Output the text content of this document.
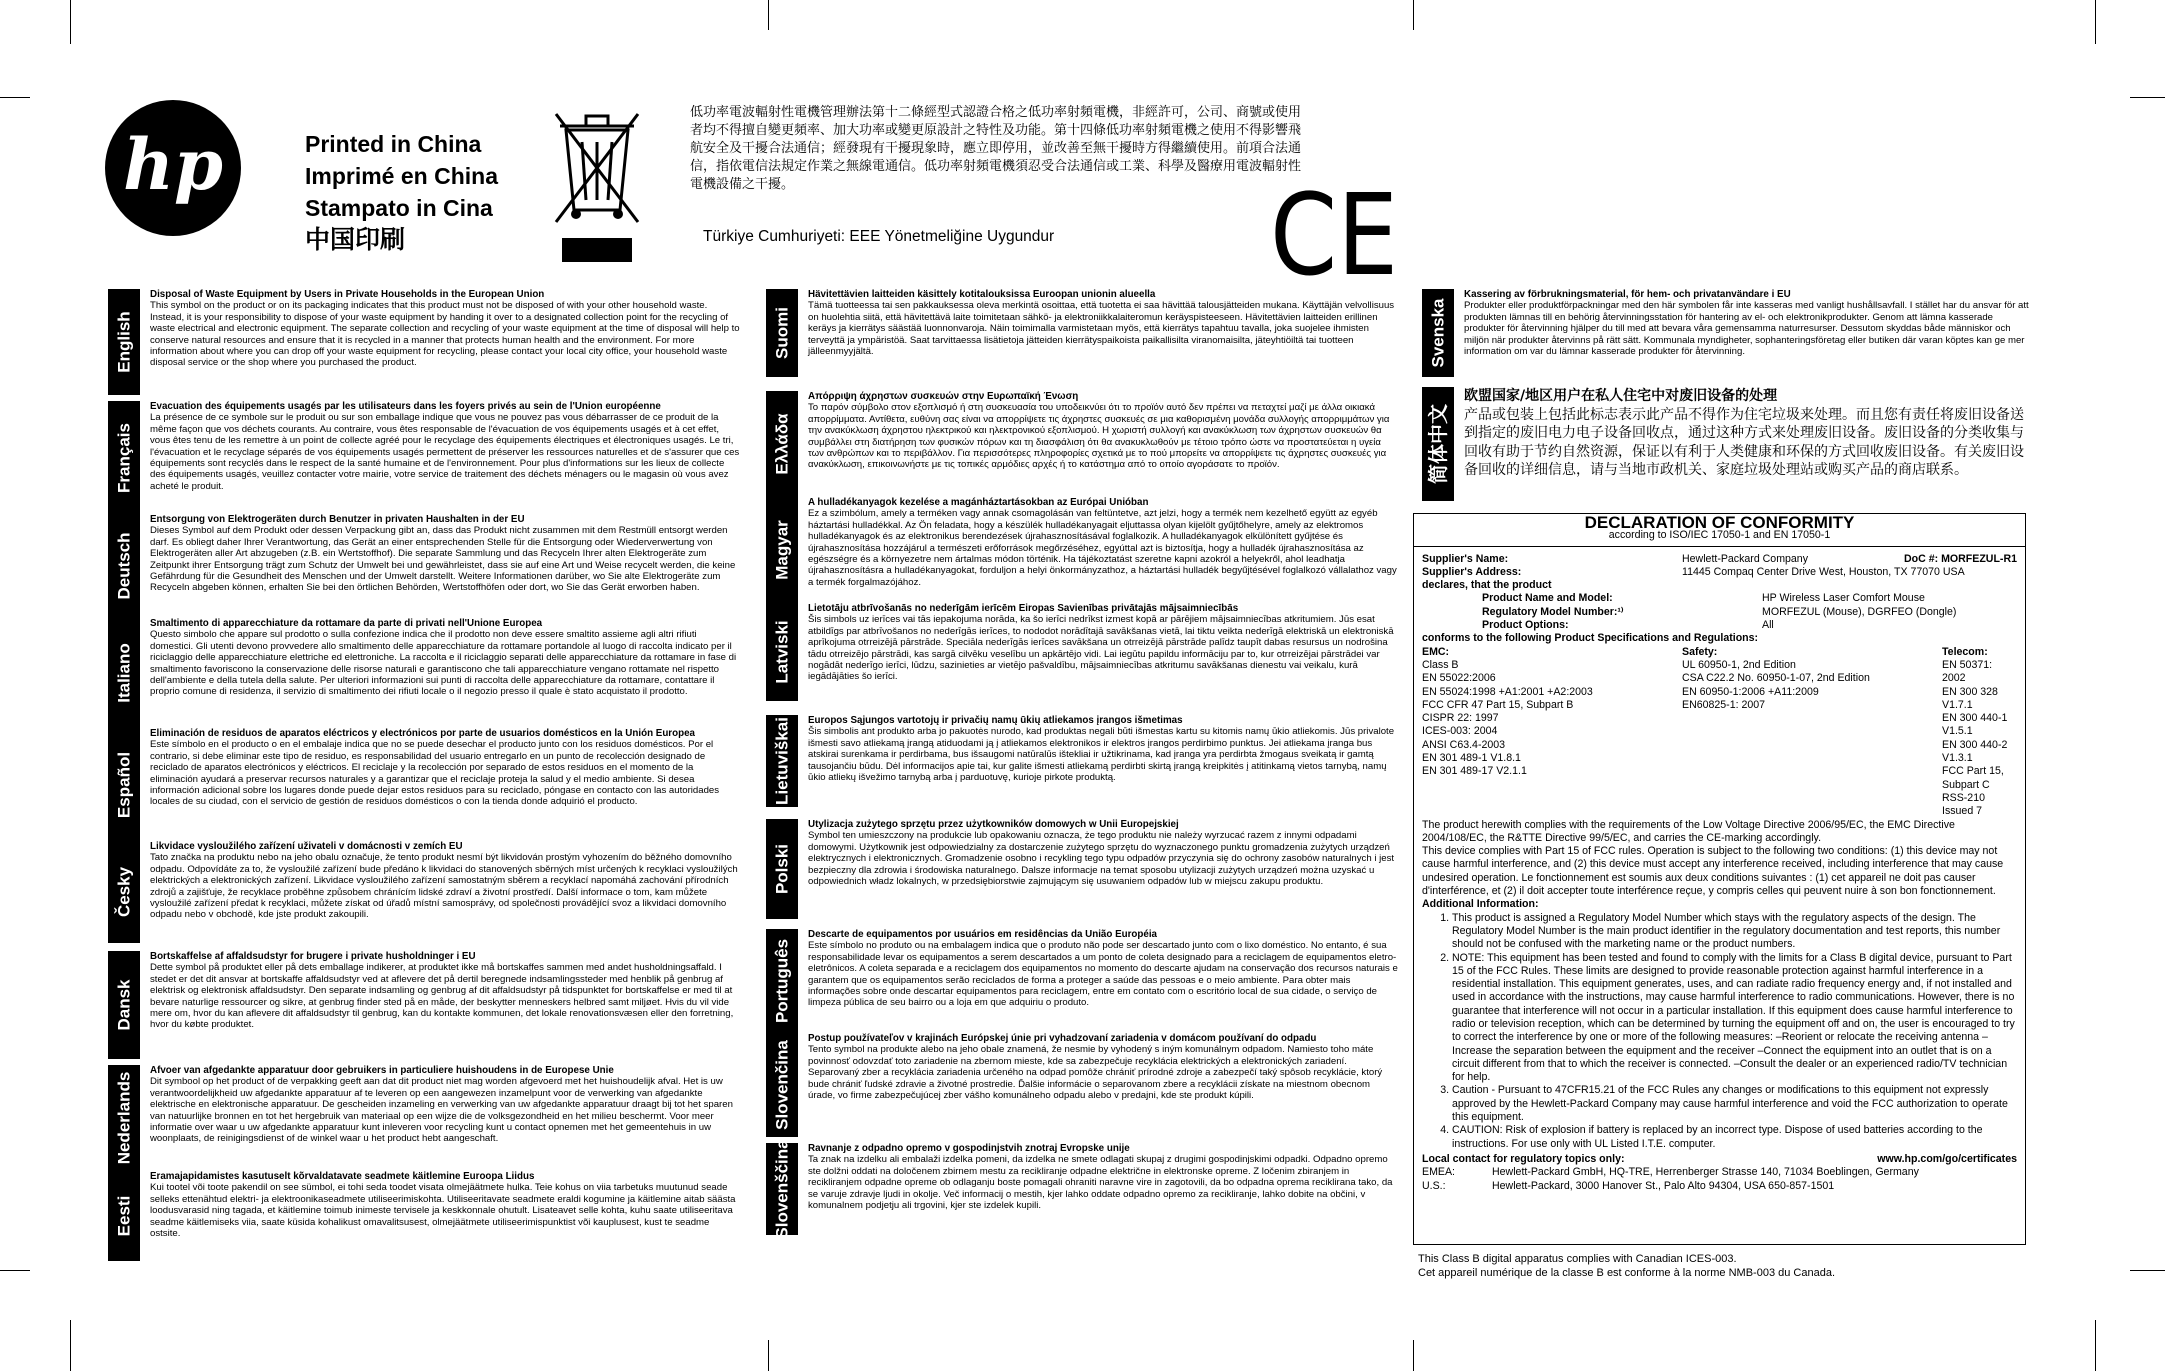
hp	Printed in China
Imprimé en China
Stampato in Cina
中国印刷
低功率電波輻射性電機管理辦法第十二條經型式認證合格之低功率射頻電機，非經許可，公司、商號或使用者均不得擅自變更頻率、加大功率或變更原設計之特性及功能。第十四條低功率射頻電機之使用不得影響飛航安全及干擾合法通信；經發現有干擾現象時，應立即停用，並改善至無干擾時方得繼續使用。前項合法通信，指依電信法規定作業之無線電通信。低功率射頻電機須忍受合法通信或工業、科學及醫療用電波輻射性電機設備之干擾。
Türkiye Cumhuriyeti: EEE Yönetmeliğine Uygundur CE
English
Disposal of Waste Equipment by Users in Private Households in the European Union

This symbol on the product or on its packaging indicates that this product must not be disposed of with your other household waste. Instead, it is your responsibility to dispose of your waste equipment by handing it over to a designated collection point for the recycling of waste electrical and electronic equipment. The separate collection and recycling of your waste equipment at the time of disposal will help to conserve natural resources and ensure that it is recycled in a manner that protects human health and the environment. For more information about where you can drop off your waste equipment for recycling, please contact your local city office, your household waste disposal service or the shop where you purchased the product.

Français
Evacuation des équipements usagés par les utilisateurs dans les foyers privés au sein de l'Union européenne

La présence de ce symbole sur le produit ou sur son emballage indique que vous ne pouvez pas vous débarrasser de ce produit de la même façon que vos déchets courants. Au contraire, vous êtes responsable de l'évacuation de vos équipements usagés et à cet effet, vous êtes tenu de les remettre à un point de collecte agréé pour le recyclage des équipements électriques et électroniques usagés. Le tri, l'évacuation et le recyclage séparés de vos équipements usagés permettent de préserver les ressources naturelles et de s'assurer que ces équipements sont recyclés dans le respect de la santé humaine et de l'environnement. Pour plus d'informations sur les lieux de collecte des équipements usagés, veuillez contacter votre mairie, votre service de traitement des déchets ménagers ou le magasin où vous avez acheté le produit.

Deutsch
Entsorgung von Elektrogeräten durch Benutzer in privaten Haushalten in der EU

Dieses Symbol auf dem Produkt oder dessen Verpackung gibt an, dass das Produkt nicht zusammen mit dem Restmüll entsorgt werden darf. Es obliegt daher Ihrer Verantwortung, das Gerät an einer entsprechenden Stelle für die Entsorgung oder Wiederverwertung von Elektrogeräten aller Art abzugeben (z.B. ein Wertstoffhof). Die separate Sammlung und das Recyceln Ihrer alten Elektrogeräte zum Zeitpunkt ihrer Entsorgung trägt zum Schutz der Umwelt bei und gewährleistet, dass sie auf eine Art und Weise recycelt werden, die keine Gefährdung für die Gesundheit des Menschen und der Umwelt darstellt. Weitere Informationen darüber, wo Sie alte Elektrogeräte zum Recyceln abgeben können, erhalten Sie bei den örtlichen Behörden, Wertstoffhöfen oder dort, wo Sie das Gerät erworben haben.

Italiano
Smaltimento di apparecchiature da rottamare da parte di privati nell'Unione Europea

Questo simbolo che appare sul prodotto o sulla confezione indica che il prodotto non deve essere smaltito assieme agli altri rifiuti domestici. Gli utenti devono provvedere allo smaltimento delle apparecchiature da rottamare portandole al luogo di raccolta indicato per il riciclaggio delle apparecchiature elettriche ed elettroniche. La raccolta e il riciclaggio separati delle apparecchiature da rottamare in fase di smaltimento favoriscono la conservazione delle risorse naturali e garantiscono che tali apparecchiature vengano rottamate nel rispetto dell'ambiente e della tutela della salute. Per ulteriori informazioni sui punti di raccolta delle apparecchiature da rottamare, contattare il proprio comune di residenza, il servizio di smaltimento dei rifiuti locale o il negozio presso il quale è stato acquistato il prodotto.

Español
Eliminación de residuos de aparatos eléctricos y electrónicos por parte de usuarios domésticos en la Unión Europea

Este símbolo en el producto o en el embalaje indica que no se puede desechar el producto junto con los residuos domésticos. Por el contrario, si debe eliminar este tipo de residuo, es responsabilidad del usuario entregarlo en un punto de recolección designado de reciclado de aparatos electrónicos y eléctricos. El reciclaje y la recolección por separado de estos residuos en el momento de la eliminación ayudará a preservar recursos naturales y a garantizar que el reciclaje proteja la salud y el medio ambiente. Si desea información adicional sobre los lugares donde puede dejar estos residuos para su reciclado, póngase en contacto con las autoridades locales de su ciudad, con el servicio de gestión de residuos domésticos o con la tienda donde adquirió el producto.

Česky
Likvidace vysloužilého zařízení uživateli v domácnosti v zemích EU

Tato značka na produktu nebo na jeho obalu označuje, že tento produkt nesmí být likvidován prostým vyhozením do běžného domovního odpadu. Odpovídáte za to, že vysloužilé zařízení bude předáno k likvidaci do stanovených sběrných míst určených k recyklaci vysloužilých elektrických a elektronických zařízení. Likvidace vysloužilého zařízení samostatným sběrem a recyklací napomáhá zachování přírodních zdrojů a zajišťuje, že recyklace proběhne způsobem chránícím lidské zdraví a životní prostředí. Další informace o tom, kam můžete vysloužilé zařízení předat k recyklaci, můžete získat od úřadů místní samosprávy, od společnosti provádějící svoz a likvidaci domovního odpadu nebo v obchodě, kde jste produkt zakoupili.

Dansk
Bortskaffelse af affaldsudstyr for brugere i private husholdninger i EU

Dette symbol på produktet eller på dets emballage indikerer, at produktet ikke må bortskaffes sammen med andet husholdningsaffald. I stedet er det dit ansvar at bortskaffe affaldsudstyr ved at aflevere det på dertil beregnede indsamlingssteder med henblik på genbrug af elektrisk og elektronisk affaldsudstyr. Den separate indsamling og genbrug af dit affaldsudstyr på tidspunktet for bortskaffelse er med til at bevare naturlige ressourcer og sikre, at genbrug finder sted på en måde, der beskytter menneskers helbred samt miljøet. Hvis du vil vide mere om, hvor du kan aflevere dit affaldsudstyr til genbrug, kan du kontakte kommunen, det lokale renovationsvæsen eller den forretning, hvor du købte produktet.

Nederlands
Afvoer van afgedankte apparatuur door gebruikers in particuliere huishoudens in de Europese Unie

Dit symbool op het product of de verpakking geeft aan dat dit product niet mag worden afgevoerd met het huishoudelijk afval. Het is uw verantwoordelijkheid uw afgedankte apparatuur af te leveren op een aangewezen inzamelpunt voor de verwerking van afgedankte elektrische en elektronische apparatuur. De gescheiden inzameling en verwerking van uw afgedankte apparatuur draagt bij tot het sparen van natuurlijke bronnen en tot het hergebruik van materiaal op een wijze die de volksgezondheid en het milieu beschermt. Voor meer informatie over waar u uw afgedankte apparatuur kunt inleveren voor recycling kunt u contact opnemen met het gemeentehuis in uw woonplaats, de reinigingsdienst of de winkel waar u het product hebt aangeschaft.

Eesti
Eramajapidamistes kasutuselt kõrvaldatavate seadmete käitlemine Euroopa Liidus

Kui tootel või toote pakendil on see sümbol, ei tohi seda toodet visata olmejäätmete hulka. Teie kohus on viia tarbetuks muutunud seade selleks ettenähtud elektri- ja elektroonikaseadmete utiliseerimiskohta. Utiliseeritavate seadmete eraldi kogumine ja käitlemine aitab säästa loodusvarasid ning tagada, et käitlemine toimub inimeste tervisele ja keskkonnale ohutult. Lisateavet selle kohta, kuhu saate utiliseeritava seadme käitlemiseks viia, saate küsida kohalikust omavalitsusest, olmejäätmete utiliseerimispunktist või kauplusest, kust te seadme ostsite.

Suomi
Hävitettävien laitteiden käsittely kotitalouksissa Euroopan unionin alueella

Tämä tuotteessa tai sen pakkauksessa oleva merkintä osoittaa, että tuotetta ei saa hävittää talousjätteiden mukana. Käyttäjän velvollisuus on huolehtia siitä, että hävitettävä laite toimitetaan sähkö- ja elektroniikkalaiteromun keräyspisteeseen. Hävitettävien laitteiden erillinen keräys ja kierrätys säästää luonnonvaroja. Näin toimimalla varmistetaan myös, että kierrätys tapahtuu tavalla, joka suojelee ihmisten terveyttä ja ympäristöä. Saat tarvittaessa lisätietoja jätteiden kierrätyspaikoista paikallisilta viranomaisilta, jäteyhtiöiltä tai tuotteen jälleenmyyjältä.

Ελλάδα
Απόρριψη άχρηστων συσκευών στην Ευρωπαϊκή Ένωση

Το παρόν σύμβολο στον εξοπλισμό ή στη συσκευασία του υποδεικνύει ότι το προϊόν αυτό δεν πρέπει να πεταχτεί μαζί με άλλα οικιακά απορρίμματα. Αντίθετα, ευθύνη σας είναι να απορρίψετε τις άχρηστες συσκευές σε μια καθορισμένη μονάδα συλλογής απορριμμάτων για την ανακύκλωση άχρηστου ηλεκτρικού και ηλεκτρονικού εξοπλισμού. Η χωριστή συλλογή και ανακύκλωση των άχρηστων συσκευών θα συμβάλλει στη διατήρηση των φυσικών πόρων και τη διασφάλιση ότι θα ανακυκλωθούν με τέτοιο τρόπο ώστε να προστατεύεται η υγεία των ανθρώπων και το περιβάλλον. Για περισσότερες πληροφορίες σχετικά με το πού μπορείτε να απορρίψετε τις άχρηστες συσκευές για ανακύκλωση, επικοινωνήστε με τις τοπικές αρμόδιες αρχές ή το κατάστημα από το οποίο αγοράσατε το προϊόν.

Magyar
A hulladékanyagok kezelése a magánháztartásokban az Európai Unióban

Ez a szimbólum, amely a terméken vagy annak csomagolásán van feltüntetve, azt jelzi, hogy a termék nem kezelhető együtt az egyéb háztartási hulladékkal. Az Ön feladata, hogy a készülék hulladékanyagait eljuttassa olyan kijelölt gyűjtőhelyre, amely az elektromos hulladékanyagok és az elektronikus berendezések újrahasznosításával foglalkozik. A hulladékanyagok elkülönített gyűjtése és újrahasznosítása hozzájárul a természeti erőforrások megőrzéséhez, egyúttal azt is biztosítja, hogy a hulladék újrahasznosítása az egészségre és a környezetre nem ártalmas módon történik. Ha tájékoztatást szeretne kapni azokról a helyekről, ahol leadhatja újrahasznosításra a hulladékanyagokat, forduljon a helyi önkormányzathoz, a háztartási hulladék begyűjtésével foglalkozó vállalathoz vagy a termék forgalmazójához.

Latviski
Lietotāju atbrīvošanās no nederīgām ierīcēm Eiropas Savienības privātajās mājsaimniecībās

Šis simbols uz ierīces vai tās iepakojuma norāda, ka šo ierīci nedrīkst izmest kopā ar pārējiem mājsaimniecības atkritumiem. Jūs esat atbildīgs par atbrīvošanos no nederīgās ierīces, to nododot norādītajā savākšanas vietā, lai tiktu veikta nederīgā elektriskā un elektroniskā aprīkojuma otrreizējā pārstrāde. Speciāla nederīgās ierīces savākšana un otrreizējā pārstrāde palīdz taupīt dabas resursus un nodrošina tādu otrreizējo pārstrādi, kas sargā cilvēku veselību un apkārtējo vidi. Lai iegūtu papildu informāciju par to, kur otrreizējai pārstrādei var nogādāt nederīgo ierīci, lūdzu, sazinieties ar vietējo pašvaldību, mājsaimniecības atkritumu savākšanas dienestu vai veikalu, kurā iegādājāties šo ierīci.

Lietuviškai Europos Sąjungos vartotojų ir privačių namų ūkių atliekamos įrangos išmetimas

Šis simbolis ant produkto arba jo pakuotės nurodo, kad produktas negali būti išmestas kartu su kitomis namų ūkio atliekomis. Jūs privalote išmesti savo atliekamą įrangą atiduodami ją į atliekamos elektronikos ir elektros įrangos perdirbimo punktus. Jei atliekama įranga bus atskirai surenkama ir perdirbama, bus išsaugomi natūralūs ištekliai ir užtikrinama, kad įranga yra perdirbta žmogaus sveikatą ir gamtą tausojančiu būdu. Dėl informacijos apie tai, kur galite išmesti atliekamą perdirbti skirtą įrangą kreipkitės į atitinkamą vietos tarnybą, namų ūkio atliekų išvežimo tarnybą arba į parduotuvę, kurioje pirkote produktą.

Polski
Utylizacja zużytego sprzętu przez użytkowników domowych w Unii Europejskiej

Symbol ten umieszczony na produkcie lub opakowaniu oznacza, że tego produktu nie należy wyrzucać razem z innymi odpadami domowymi. Użytkownik jest odpowiedzialny za dostarczenie zużytego sprzętu do wyznaczonego punktu gromadzenia zużytych urządzeń elektrycznych i elektronicznych. Gromadzenie osobno i recykling tego typu odpadów przyczynia się do ochrony zasobów naturalnych i jest bezpieczny dla zdrowia i środowiska naturalnego. Dalsze informacje na temat sposobu utylizacji zużytych urządzeń można uzyskać u odpowiednich władz lokalnych, w przedsiębiorstwie zajmującym się usuwaniem odpadów lub w miejscu zakupu produktu.

Português
Descarte de equipamentos por usuários em residências da União Européia

Este símbolo no produto ou na embalagem indica que o produto não pode ser descartado junto com o lixo doméstico. No entanto, é sua responsabilidade levar os equipamentos a serem descartados a um ponto de coleta designado para a reciclagem de equipamentos eletro-eletrônicos. A coleta separada e a reciclagem dos equipamentos no momento do descarte ajudam na conservação dos recursos naturais e garantem que os equipamentos serão reciclados de forma a proteger a saúde das pessoas e o meio ambiente. Para obter mais informações sobre onde descartar equipamentos para reciclagem, entre em contato com o escritório local de sua cidade, o serviço de limpeza pública de seu bairro ou a loja em que adquiriu o produto.

Slovenčina
Postup používateľov v krajinách Európskej únie pri vyhadzovaní zariadenia v domácom používaní do odpadu

Tento symbol na produkte alebo na jeho obale znamená, že nesmie by vyhodený s iným komunálnym odpadom. Namiesto toho máte povinnosť odovzdať toto zariadenie na zbernom mieste, kde sa zabezpečuje recyklácia elektrických a elektronických zariadení. Separovaný zber a recyklácia zariadenia určeného na odpad pomôže chrániť prírodné zdroje a zabezpečí taký spôsob recyklácie, ktorý bude chrániť ľudské zdravie a životné prostredie. Ďalšie informácie o separovanom zbere a recyklácii získate na miestnom obecnom úrade, vo firme zabezpečujúcej zber vášho komunálneho odpadu alebo v predajni, kde ste produkt kúpili.

Slovenščina Ravnanje z odpadno opremo v gospodinjstvih znotraj Evropske unije

Ta znak na izdelku ali embalaži izdelka pomeni, da izdelka ne smete odlagati skupaj z drugimi gospodinjskimi odpadki. Odpadno opremo ste dolžni oddati na določenem zbirnem mestu za recikliranje odpadne električne in elektronske opreme. Z ločenim zbiranjem in recikliranjem odpadne opreme ob odlaganju boste pomagali ohraniti naravne vire in zagotovili, da bo odpadna oprema reciklirana tako, da se varuje zdravje ljudi in okolje. Več informacij o mestih, kjer lahko oddate odpadno opremo za recikliranje, lahko dobite na občini, v komunalnem podjetju ali trgovini, kjer ste izdelek kupili.

Svenska
Kassering av förbrukningsmaterial, för hem- och privatanvändare i EU

Produkter eller produktförpackningar med den här symbolen får inte kasseras med vanligt hushållsavfall. I stället har du ansvar för att produkten lämnas till en behörig återvinningsstation för hantering av el- och elektronikprodukter. Genom att lämna kasserade produkter för återvinning hjälper du till med att bevara våra gemensamma naturresurser. Dessutom skyddas både människor och miljön när produkter återvinns på rätt sätt. Kommunala myndigheter, sophanteringsföretag eller butiken där varan köptes kan ge mer information om var du lämnar kasserade produkter för återvinning.

简体中文
欧盟国家/地区用户在私人住宅中对废旧设备的处理

产品或包装上包括此标志表示此产品不得作为住宅垃圾来处理。而且您有责任将废旧设备送到指定的废旧电力电子设备回收点，通过这种方式来处理废旧设备。废旧设备的分类收集与回收有助于节约自然资源，保证以有利于人类健康和环保的方式回收废旧设备。有关废旧设备回收的详细信息，请与当地市政机关、家庭垃圾处理站或购买产品的商店联系。

DECLARATION OF CONFORMITY
according to ISO/IEC 17050-1 and EN 17050-1
Supplier's Name:	Hewlett-Packard Company	DoC #: MORFEZUL-R1
Supplier's Address:	11445 Compaq Center Drive West, Houston, TX 77070 USA
declares, that the product
Product Name and Model:	HP Wireless Laser Comfort Mouse
Regulatory Model Number:¹⁾	MORFEZUL (Mouse), DGRFEO (Dongle)
Product Options:	All
conforms to the following Product Specifications and Regulations:
EMC:
Class B
EN 55022:2006
EN 55024:1998 +A1:2001 +A2:2003
FCC CFR 47 Part 15, Subpart B
CISPR 22: 1997
ICES-003: 2004
ANSI C63.4-2003
EN 301 489-1 V1.8.1
EN 301 489-17 V2.1.1
Safety:
UL 60950-1, 2nd Edition
CSA C22.2 No. 60950-1-07, 2nd Edition
EN 60950-1:2006 +A11:2009
EN60825-1: 2007
Telecom:
EN 50371: 2002
EN 300 328 V1.7.1
EN 300 440-1 V1.5.1
EN 300 440-2 V1.3.1
FCC Part 15, Subpart C
RSS-210 Issued 7
The product herewith complies with the requirements of the Low Voltage Directive 2006/95/EC, the EMC Directive 2004/108/EC, the R&TTE Directive 99/5/EC, and carries the CE-marking accordingly.
This device complies with Part 15 of FCC rules. Operation is subject to the following two conditions: (1) this device may not cause harmful interference, and (2) this device must accept any interference received, including interference that may cause undesired operation. Le fonctionnement est soumis aux deux conditions suivantes : (1) cet appareil ne doit pas causer d'interférence, et (2) il doit accepter toute interférence reçue, y compris celles qui peuvent nuire à son bon fonctionnement.
Additional Information:
1. This product is assigned a Regulatory Model Number which stays with the regulatory aspects of the design. The Regulatory Model Number is the main product identifier in the regulatory documentation and test reports, this number should not be confused with the marketing name or the product numbers.
2. NOTE: This equipment has been tested and found to comply with the limits for a Class B digital device, pursuant to Part 15 of the FCC Rules. These limits are designed to provide reasonable protection against harmful interference in a residential installation. This equipment generates, uses, and can radiate radio frequency energy and, if not installed and used in accordance with the instructions, may cause harmful interference to radio communications. However, there is no guarantee that interference will not occur in a particular installation. If this equipment does cause harmful interference to radio or television reception, which can be determined by turning the equipment off and on, the user is encouraged to try to correct the interference by one or more of the following measures: –Reorient or relocate the receiving antenna – Increase the separation between the equipment and the receiver –Connect the equipment into an outlet that is on a circuit different from that to which the receiver is connected. –Consult the dealer or an experienced radio/TV technician for help.
3. Caution - Pursuant to 47CFR15.21 of the FCC Rules any changes or modifications to this equipment not expressly approved by the Hewlett-Packard Company may cause harmful interference and void the FCC authorization to operate this equipment.
4. CAUTION: Risk of explosion if battery is replaced by an incorrect type. Dispose of used batteries according to the instructions. For use only with UL Listed I.T.E. computer.
Local contact for regulatory topics only:	www.hp.com/go/certificates
EMEA:	Hewlett-Packard GmbH, HQ-TRE, Herrenberger Strasse 140, 71034 Boeblingen, Germany
U.S.:	Hewlett-Packard, 3000 Hanover St., Palo Alto 94304, USA 650-857-1501
This Class B digital apparatus complies with Canadian ICES-003.
Cet appareil numérique de la classe B est conforme à la norme NMB-003 du Canada.
